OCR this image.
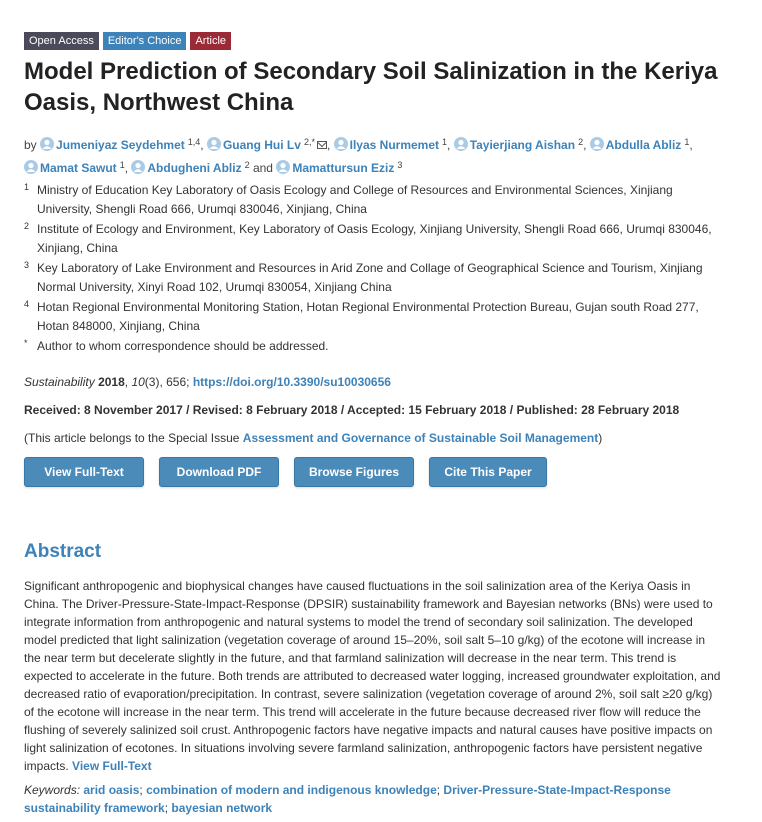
Open Access	Editor's Choice	Article
Model Prediction of Secondary Soil Salinization in the Keriya Oasis, Northwest China
by Jumeniyaz Seydehmet $^{1,4}$, Guang Hui Lv $^{2,*}$ , Ilyas Nurmemet $^1$, Tayierjiang Aishan $^2$, Abdulla Abliz $^1$,
Mamat Sawut $^1$, Abdugheni Abliz $^2$ and Mamattursun Eziz $^3$
1 Ministry of Education Key Laboratory of Oasis Ecology and College of Resources and Environmental Sciences, Xinjiang University, Shengli Road 666, Urumqi 830046, Xinjiang, China
2 Institute of Ecology and Environment, Key Laboratory of Oasis Ecology, Xinjiang University, Shengli Road 666, Urumqi 830046, Xinjiang, China
3 Key Laboratory of Lake Environment and Resources in Arid Zone and Collage of Geographical Science and Tourism, Xinjiang Normal University, Xinyi Road 102, Urumqi 830054, Xinjiang China
4 Hotan Regional Environmental Monitoring Station, Hotan Regional Environmental Protection Bureau, Gujan south Road 277, Hotan 848000, Xinjiang, China
* Author to whom correspondence should be addressed.
Sustainability 2018, 10(3), 656; https://doi.org/10.3390/su10030656
Received: 8 November 2017 / Revised: 8 February 2018 / Accepted: 15 February 2018 / Published: 28 February 2018
(This article belongs to the Special Issue Assessment and Governance of Sustainable Soil Management)
View Full-Text	Download PDF	Browse Figures	Cite This Paper
Abstract
Significant anthropogenic and biophysical changes have caused fluctuations in the soil salinization area of the Keriya Oasis in China. The Driver-Pressure-State-Impact-Response (DPSIR) sustainability framework and Bayesian networks (BNs) were used to integrate information from anthropogenic and natural systems to model the trend of secondary soil salinization. The developed model predicted that light salinization (vegetation coverage of around 15–20%, soil salt 5–10 g/kg) of the ecotone will increase in the near term but decelerate slightly in the future, and that farmland salinization will decrease in the near term. This trend is expected to accelerate in the future. Both trends are attributed to decreased water logging, increased groundwater exploitation, and decreased ratio of evaporation/precipitation. In contrast, severe salinization (vegetation coverage of around 2%, soil salt ≥20 g/kg) of the ecotone will increase in the near term. This trend will accelerate in the future because decreased river flow will reduce the flushing of severely salinized soil crust. Anthropogenic factors have negative impacts and natural causes have positive impacts on light salinization of ecotones. In situations involving severe farmland salinization, anthropogenic factors have persistent negative impacts. View Full-Text
Keywords: arid oasis; combination of modern and indigenous knowledge; Driver-Pressure-State-Impact-Response sustainability framework; bayesian network
